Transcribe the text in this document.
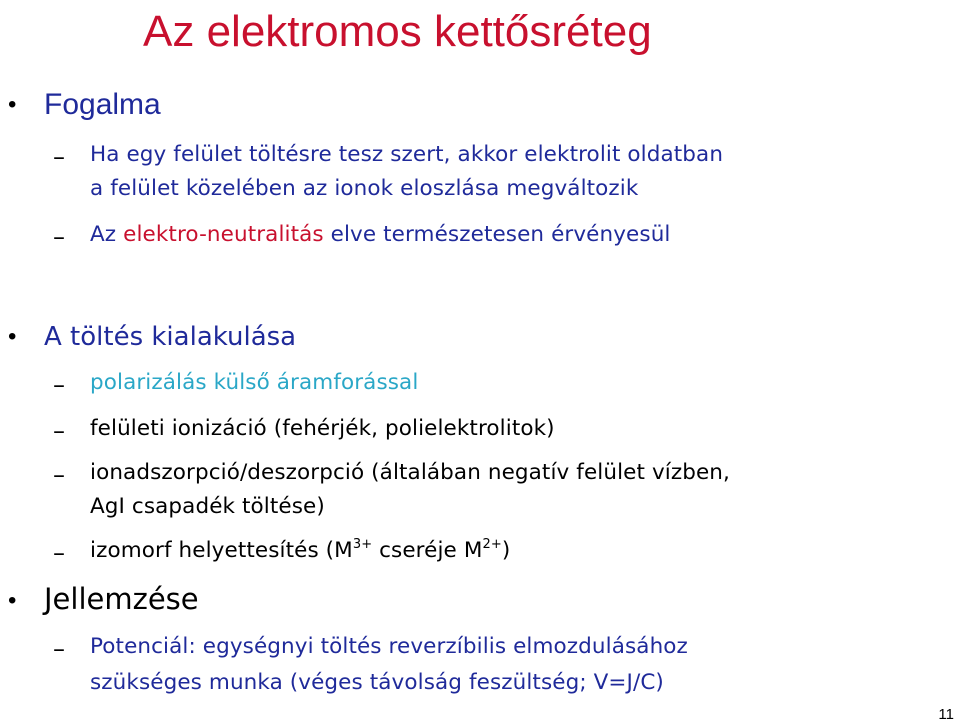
Az elektromos kettősréteg
• Fogalma
– Ha egy felület töltésre tesz szert, akkor elektrolit oldatban
a felület közelében az ionok eloszlása megváltozik
– Az elektro-neutralitás elve természetesen érvényesül
• A töltés kialakulása
– polarizálás külső áramforással
– felületi ionizáció (fehérjék, polielektrolitok)
– ionadszorpció/deszorpció (általában negatív felület vízben,
AgI csapadék töltése)
– izomorf helyettesítés ($M^{3+}$ cseréje $M^{2+}$)
• Jellemzése
– Potenciál: egységnyi töltés reverzíbilis elmozdulásához
szükséges munka (véges távolság feszültség; V=J/C)
11
